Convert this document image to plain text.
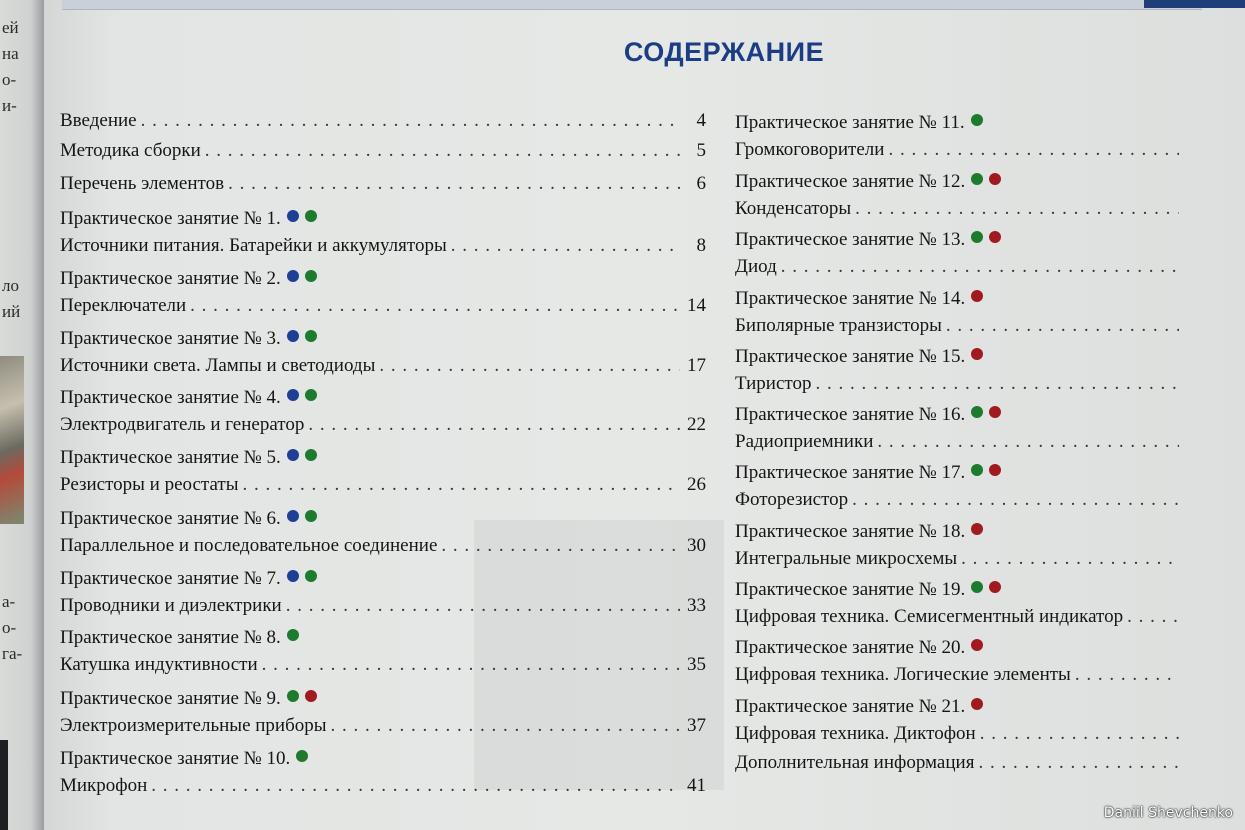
ей
на
о-
и-
ло
ий
а-
о-
га-
СОДЕРЖАНИЕ
Введение . . .	4
Методика сборки . . .	5
Перечень элементов . . .	6
Практическое занятие № 1.
Источники питания. Батарейки и аккумуляторы . . .	8
Практическое занятие № 2.
Переключатели . . .	14
Практическое занятие № 3.
Источники света. Лампы и светодиоды . . .	17
Практическое занятие № 4.
Электродвигатель и генератор . . .	22
Практическое занятие № 5.
Резисторы и реостаты . . .	26
Практическое занятие № 6.
Параллельное и последовательное соединение . . .	30
Практическое занятие № 7.
Проводники и диэлектрики . . .	33
Практическое занятие № 8.
Катушка индуктивности . . .	35
Практическое занятие № 9.
Электроизмерительные приборы . . .	37
Практическое занятие № 10.
Микрофон . . .	41
Практическое занятие № 11.
Громкоговорители
. . .
Практическое занятие № 12.
Конденсаторы
. . .
Практическое занятие № 13.
Диод
. . .
Практическое занятие № 14.
Биполярные транзисторы
. . .
Практическое занятие № 15.
Тиристор
. . .
Практическое занятие № 16.
Радиоприемники
. . .
Практическое занятие № 17.
Фоторезистор
. . .
Практическое занятие № 18.
Интегральные микросхемы
. . .
Практическое занятие № 19.
Цифровая техника. Семисегментный индикатор
. . .
Практическое занятие № 20.
Цифровая техника. Логические элементы
. . .
Практическое занятие № 21.
Цифровая техника. Диктофон
. . .
Дополнительная информация
. . .
Daniil Shevchenko
